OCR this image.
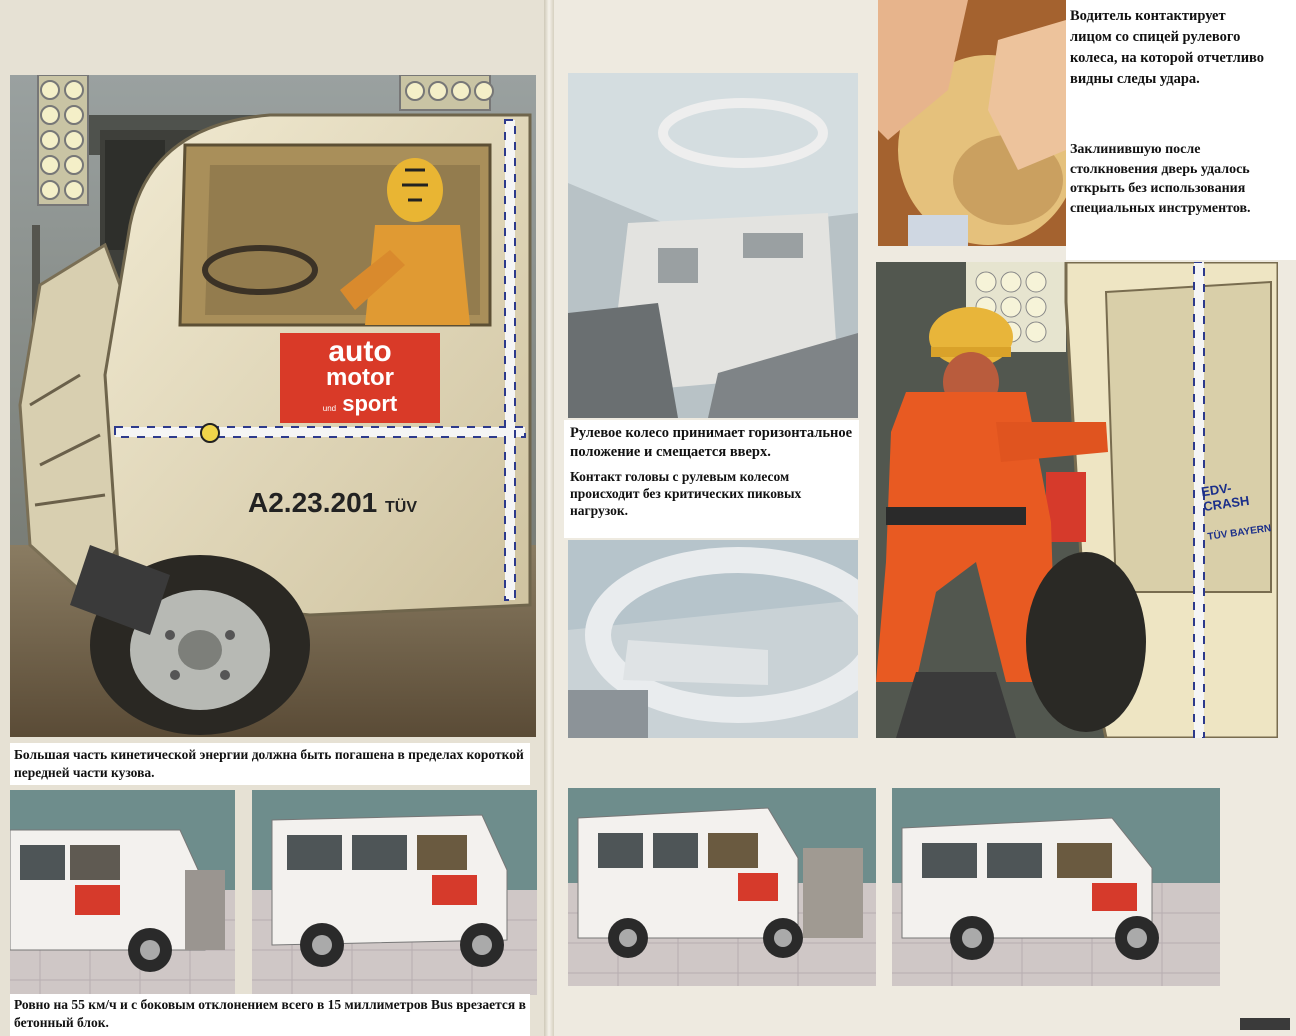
auto
motor
und sport
A2.23.201 TÜV

Большая часть кинетической энергии должна быть погашена в пределах короткой передней части кузова.

Ровно на 55 км/ч и с боковым отклонением всего в 15 миллиметров Bus врезается в бетонный блок.

Рулевое колесо принимает горизонтальное положение и смещается вверх.

Контакт головы с рулевым колесом происходит без критических пиковых нагрузок.

Водитель контактирует лицом со спицей рулевого колеса, на которой отчетливо видны следы удара.

Заклинившую после столкновения дверь удалось открыть без использования специальных инструментов.

EDV-CRASH
TÜV BAYERN
